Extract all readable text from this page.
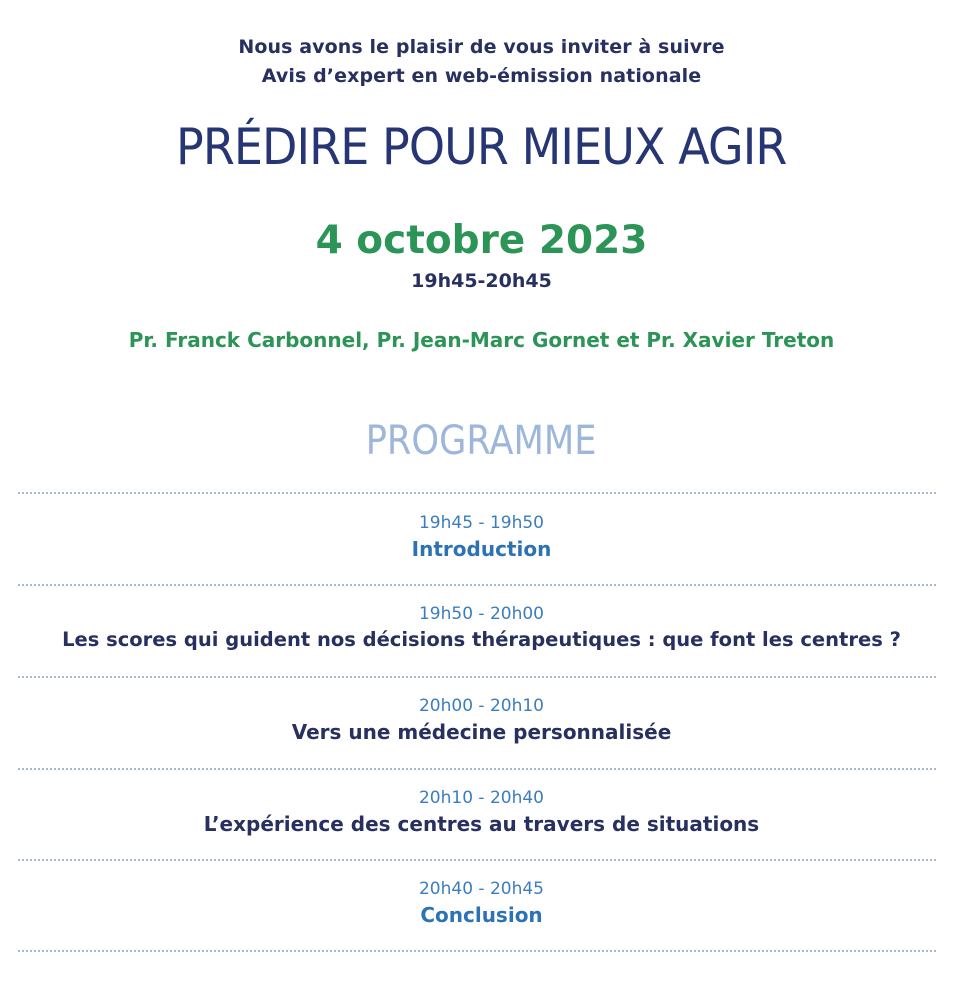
Nous avons le plaisir de vous inviter à suivre
Avis d’expert en web-émission nationale
PRÉDIRE POUR MIEUX AGIR
4 octobre 2023
19h45-20h45
Pr. Franck Carbonnel, Pr. Jean-Marc Gornet et Pr. Xavier Treton
PROGRAMME
19h45 - 19h50
Introduction
19h50 - 20h00
Les scores qui guident nos décisions thérapeutiques : que font les centres ?
20h00 - 20h10
Vers une médecine personnalisée
20h10 - 20h40
L’expérience des centres au travers de situations
20h40 - 20h45
Conclusion
